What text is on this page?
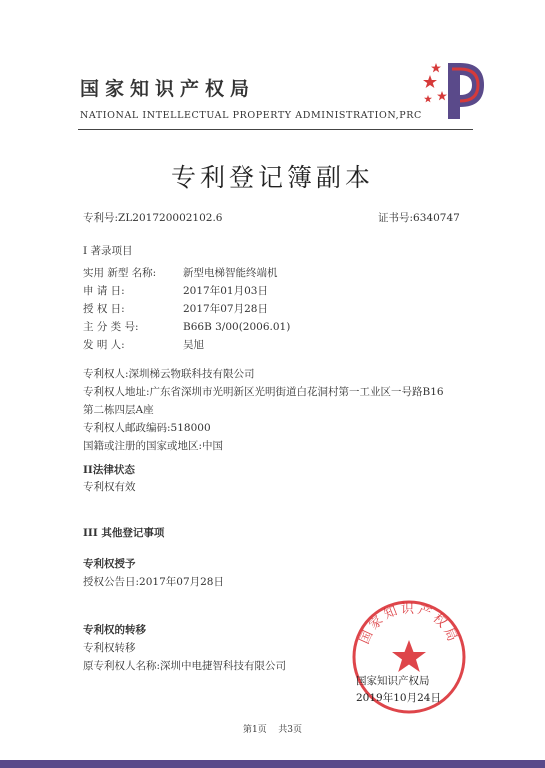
国家知识产权局
NATIONAL INTELLECTUAL PROPERTY ADMINISTRATION,PRC
专利登记簿副本
专利号:ZL201720002102.6	证书号:6340747
I 著录项目
实用 新型 名称:	新型电梯智能终端机
申 请 日:	2017年01月03日
授 权 日:	2017年07月28日
主 分 类 号:	B66B 3/00(2006.01)
发 明 人:	吴旭
专利权人:深圳梯云物联科技有限公司
专利权人地址:广东省深圳市光明新区光明街道白花洞村第一工业区一号路B16
第二栋四层A座
专利权人邮政编码:518000
国籍或注册的国家或地区:中国
II法律状态
专利权有效
III 其他登记事项
专利权授予
授权公告日:2017年07月28日
专利权的转移
专利权转移
原专利权人名称:深圳中电捷智科技有限公司
国家知识产权局
国家知识产权局
2019年10月24日
第1页 共3页
